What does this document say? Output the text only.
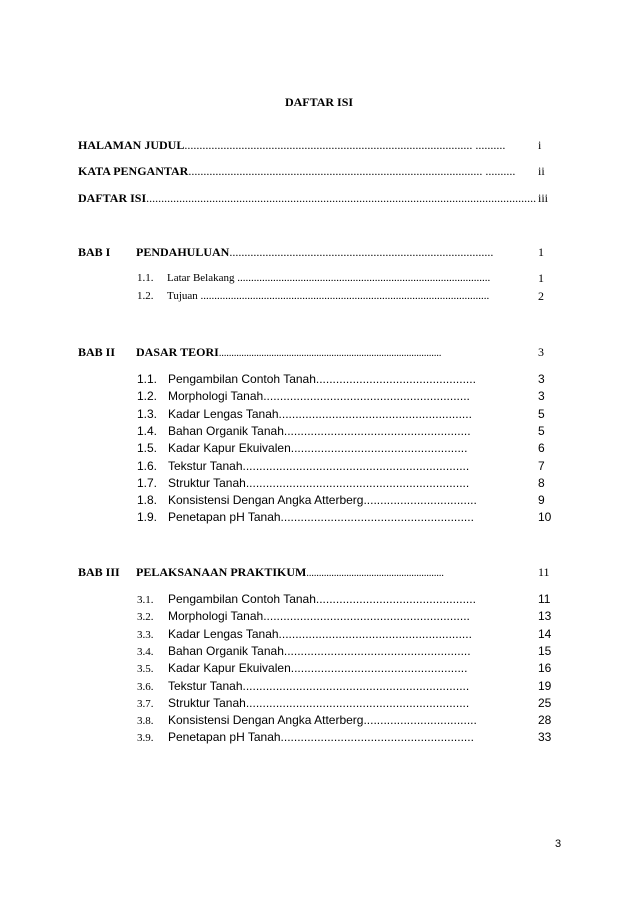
DAFTAR ISI
HALAMAN JUDUL................................................................................................ ..........	i
KATA PENGANTAR.................................................................................................. ..........	ii
DAFTAR ISI.................................................................................................................................. iii
BAB I PENDAHULUAN........................................................................................	1
1.1. Latar Belakang ............................................................................................	1
1.2. Tujuan .........................................................................................................	2
BAB II DASAR TEORI.........................................................................................	3
1.1. Pengambilan Contoh Tanah................................................	3
1.2. Morphologi Tanah..............................................................	3
1.3. Kadar Lengas Tanah..........................................................	5
1.4. Bahan Organik Tanah........................................................	5
1.5. Kadar Kapur Ekuivalen.....................................................	6
1.6. Tekstur Tanah....................................................................	7
1.7. Struktur Tanah...................................................................	8
1.8. Konsistensi Dengan Angka Atterberg..................................	9
1.9. Penetapan pH Tanah..........................................................	10
BAB III PELAKSANAAN PRAKTIKUM.......................................................	11
3.1. Pengambilan Contoh Tanah................................................	11
3.2. Morphologi Tanah..............................................................	13
3.3. Kadar Lengas Tanah..........................................................	14
3.4. Bahan Organik Tanah........................................................	15
3.5. Kadar Kapur Ekuivalen.....................................................	16
3.6. Tekstur Tanah....................................................................	19
3.7. Struktur Tanah...................................................................	25
3.8. Konsistensi Dengan Angka Atterberg..................................	28
3.9. Penetapan pH Tanah..........................................................	33
3
